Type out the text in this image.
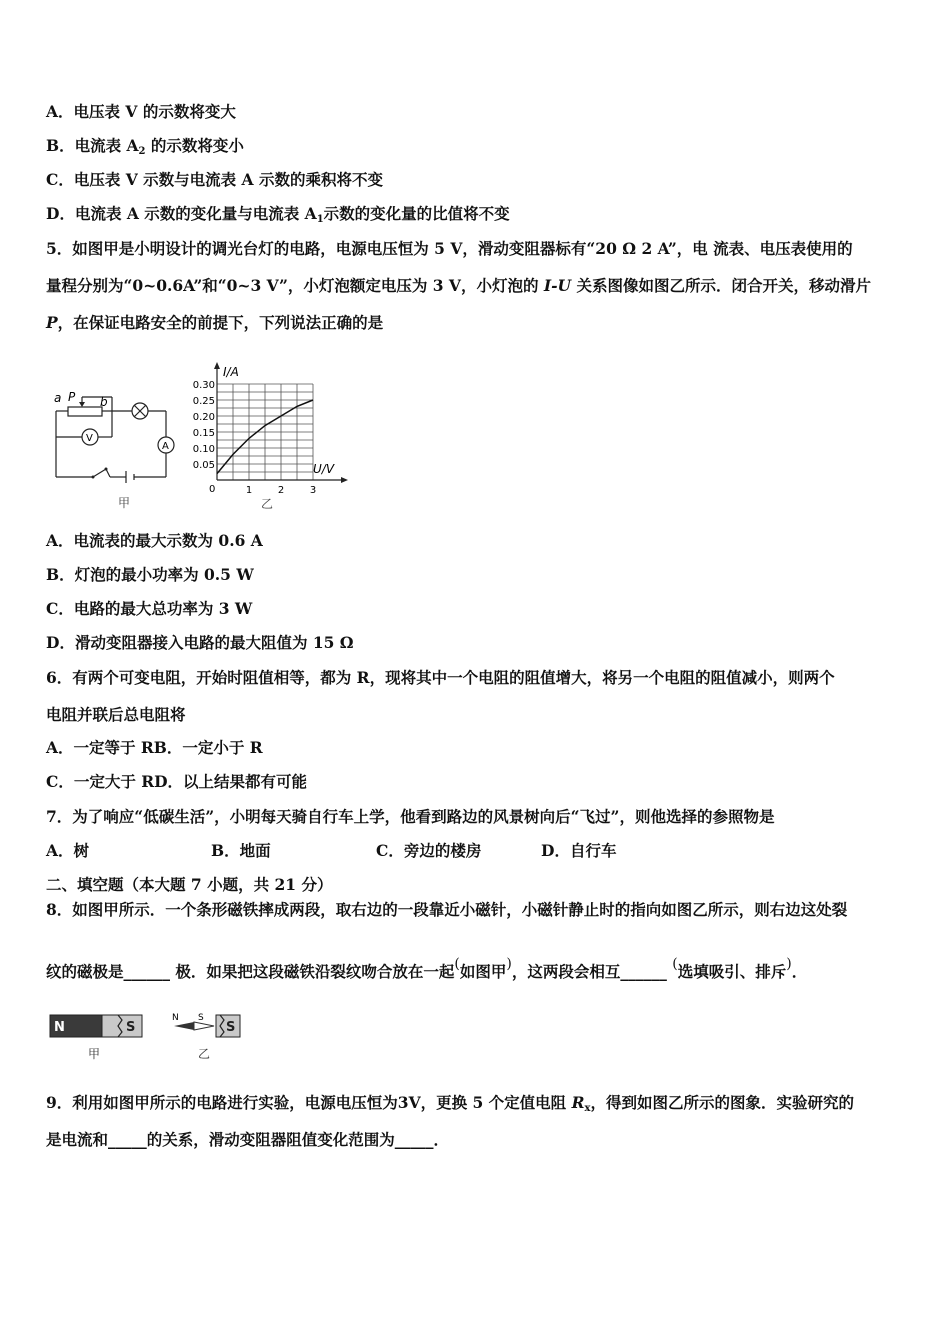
A．电压表 V 的示数将变大
B．电流表 $A_2$ 的示数将变小
C．电压表 V 示数与电流表 A 示数的乘积将不变
D．电流表 A 示数的变化量与电流表 $A_1$示数的变化量的比值将不变
5．如图甲是小明设计的调光台灯的电路，电源电压恒为 5 V，滑动变阻器标有“20 Ω 2 A”，电 流表、电压表使用的
量程分别为“0~0.6A”和“0~3 V”，小灯泡额定电压为 3 V，小灯泡的 I-U 关系图像如图乙所示．闭合开关，移动滑片
P，在保证电路安全的前提下，下列说法正确的是
a P b
V
A
甲
I/A
U/V
0
0.05
0.10
0.15
0.20
0.25
0.30
1	2	3
乙
A．电流表的最大示数为 0.6 A
B．灯泡的最小功率为 0.5 W
C．电路的最大总功率为 3 W
D．滑动变阻器接入电路的最大阻值为 15 Ω
6．有两个可变电阻，开始时阻值相等，都为 R，现将其中一个电阻的阻值增大，将另一个电阻的阻值减小，则两个
电阻并联后总电阻将
A．一定等于 RB．一定小于 R
C．一定大于 RD．以上结果都有可能
7．为了响应“低碳生活”，小明每天骑自行车上学，他看到路边的风景树向后“飞过”，则他选择的参照物是
A．树	B．地面	C．旁边的楼房	D．自行车
二、填空题（本大题 7 小题，共 21 分）
8．如图甲所示．一个条形磁铁摔成两段，取右边的一段靠近小磁针，小磁针静止时的指向如图乙所示，则右边这处裂
纹的磁极是______ 极．如果把这段磁铁沿裂纹吻合放在一起(如图甲)，这两段会相互______ (选填吸引、排斥)．
N	S
甲
N S
S
乙
9．利用如图甲所示的电路进行实验，电源电压恒为3V，更换 5 个定值电阻 $R_x$，得到如图乙所示的图象．实验研究的
是电流和_____的关系，滑动变阻器阻值变化范围为_____．
